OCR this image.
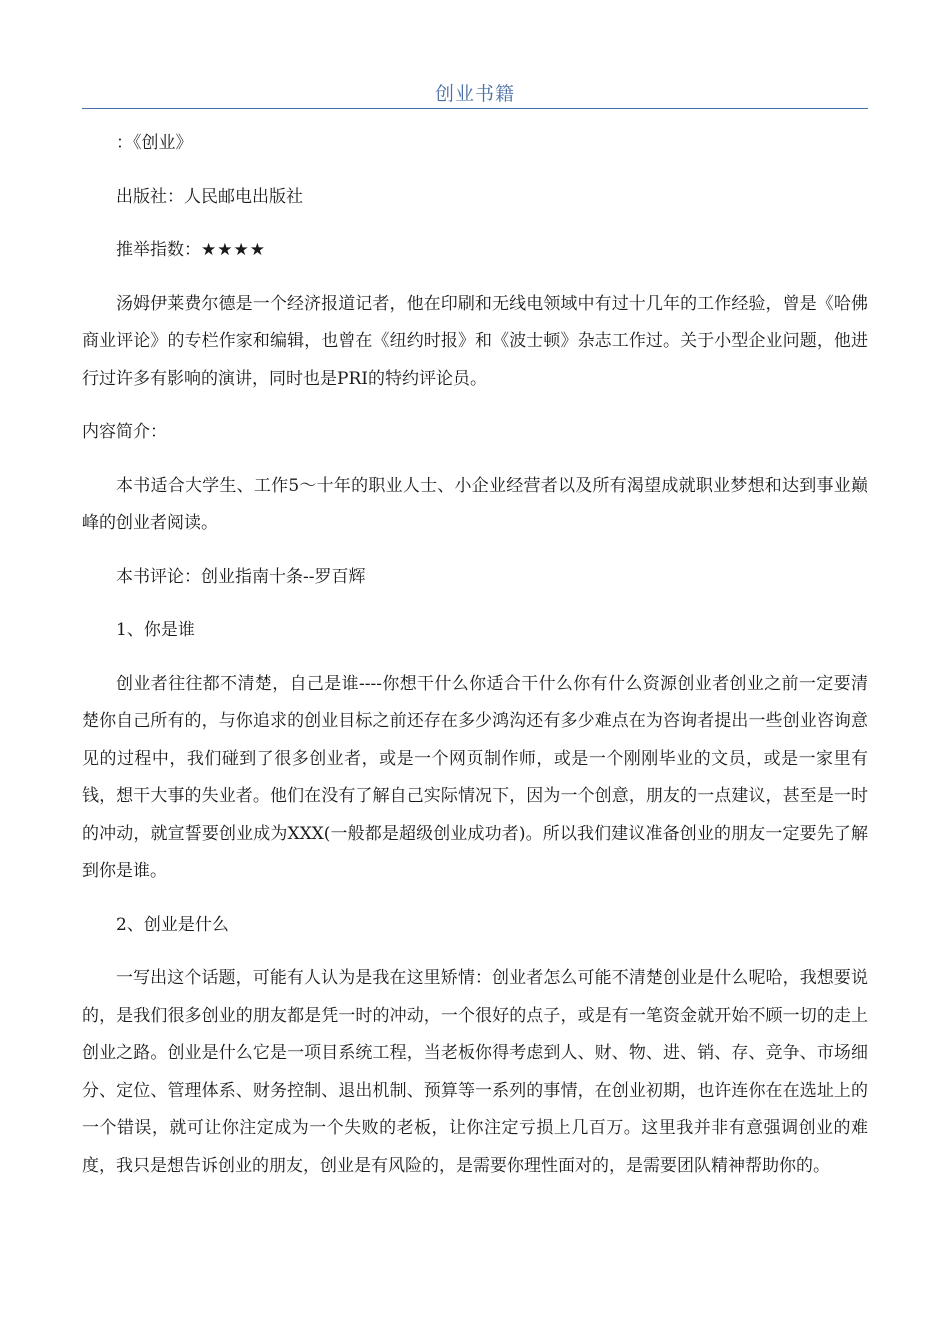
创业书籍

：《创业》

出版社：人民邮电出版社

推举指数：★★★★

汤姆伊莱费尔德是一个经济报道记者，他在印刷和无线电领域中有过十几年的工作经验，曾是《哈佛商业评论》的专栏作家和编辑，也曾在《纽约时报》和《波士顿》杂志工作过。关于小型企业问题，他进行过许多有影响的演讲，同时也是PRI的特约评论员。

内容简介：

本书适合大学生、工作5～十年的职业人士、小企业经营者以及所有渴望成就职业梦想和达到事业巅峰的创业者阅读。

本书评论：创业指南十条--罗百辉

1、你是谁

创业者往往都不清楚，自己是谁----你想干什么你适合干什么你有什么资源创业者创业之前一定要清楚你自己所有的，与你追求的创业目标之前还存在多少鸿沟还有多少难点在为咨询者提出一些创业咨询意见的过程中，我们碰到了很多创业者，或是一个网页制作师，或是一个刚刚毕业的文员，或是一家里有钱，想干大事的失业者。他们在没有了解自己实际情况下，因为一个创意，朋友的一点建议，甚至是一时的冲动，就宣誓要创业成为XXX(一般都是超级创业成功者)。所以我们建议准备创业的朋友一定要先了解到你是谁。

2、创业是什么

一写出这个话题，可能有人认为是我在这里矫情：创业者怎么可能不清楚创业是什么呢哈，我想要说的，是我们很多创业的朋友都是凭一时的冲动，一个很好的点子，或是有一笔资金就开始不顾一切的走上创业之路。创业是什么它是一项目系统工程，当老板你得考虑到人、财、物、进、销、存、竞争、市场细分、定位、管理体系、财务控制、退出机制、预算等一系列的事情，在创业初期，也许连你在在选址上的一个错误，就可让你注定成为一个失败的老板，让你注定亏损上几百万。这里我并非有意强调创业的难度，我只是想告诉创业的朋友，创业是有风险的，是需要你理性面对的，是需要团队精神帮助你的。
